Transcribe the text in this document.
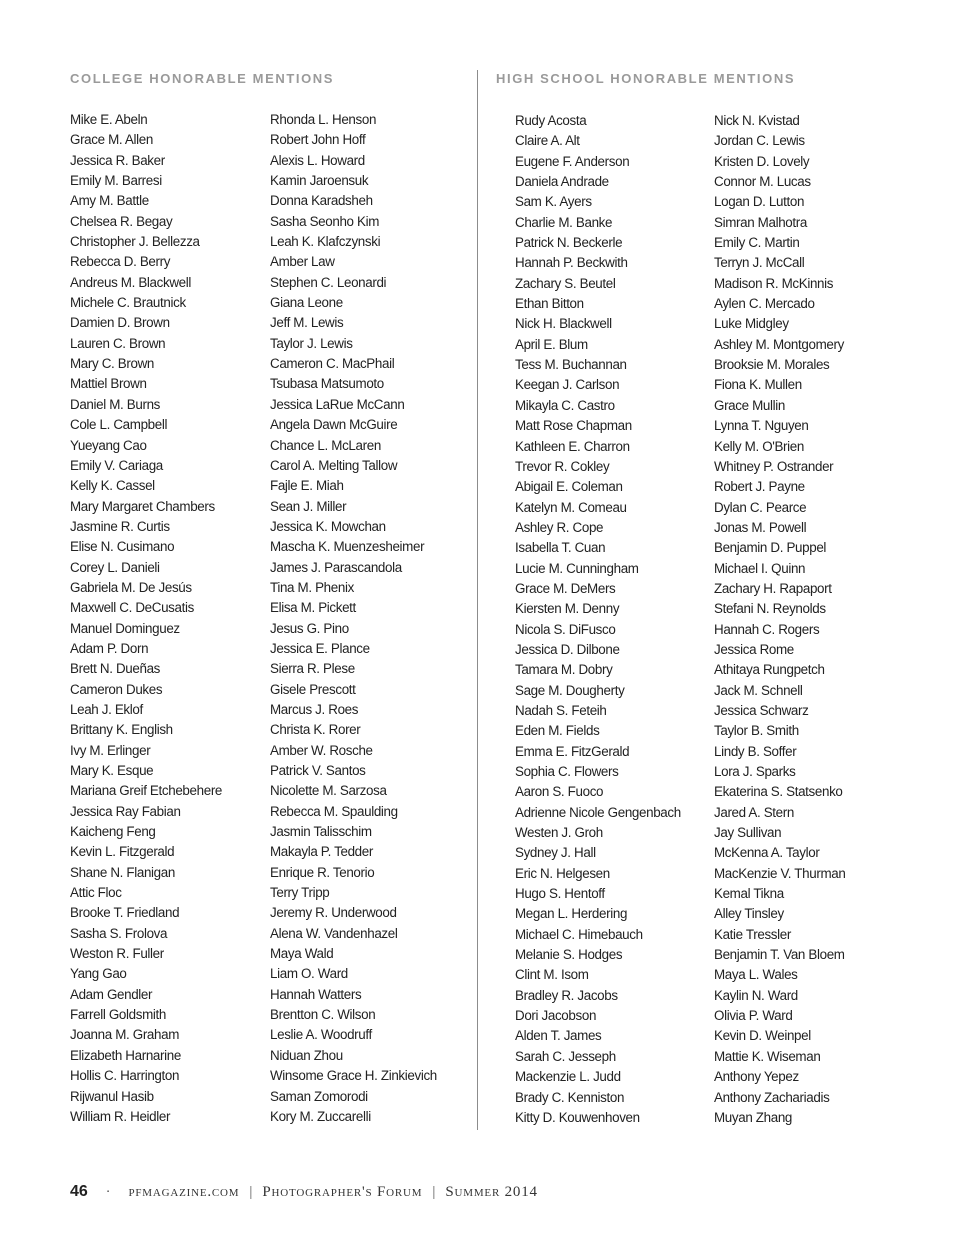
COLLEGE HONORABLE MENTIONS	HIGH SCHOOL HONORABLE MENTIONS
Mike E. Abeln
Grace M. Allen
Jessica R. Baker
Emily M. Barresi
Amy M. Battle
Chelsea R. Begay
Christopher J. Bellezza
Rebecca D. Berry
Andreus M. Blackwell
Michele C. Brautnick
Damien D. Brown
Lauren C. Brown
Mary C. Brown
Mattiel Brown
Daniel M. Burns
Cole L. Campbell
Yueyang Cao
Emily V. Cariaga
Kelly K. Cassel
Mary Margaret Chambers
Jasmine R. Curtis
Elise N. Cusimano
Corey L. Danieli
Gabriela M. De Jesús
Maxwell C. DeCusatis
Manuel Dominguez
Adam P. Dorn
Brett N. Dueñas
Cameron Dukes
Leah J. Eklof
Brittany K. English
Ivy M. Erlinger
Mary K. Esque
Mariana Greif Etchebehere
Jessica Ray Fabian
Kaicheng Feng
Kevin L. Fitzgerald
Shane N. Flanigan
Attic Floc
Brooke T. Friedland
Sasha S. Frolova
Weston R. Fuller
Yang Gao
Adam Gendler
Farrell Goldsmith
Joanna M. Graham
Elizabeth Harnarine
Hollis C. Harrington
Rijwanul Hasib
William R. Heidler
Rhonda L. Henson
Robert John Hoff
Alexis L. Howard
Kamin Jaroensuk
Donna Karadsheh
Sasha Seonho Kim
Leah K. Klafczynski
Amber Law
Stephen C. Leonardi
Giana Leone
Jeff M. Lewis
Taylor J. Lewis
Cameron C. MacPhail
Tsubasa Matsumoto
Jessica LaRue McCann
Angela Dawn McGuire
Chance L. McLaren
Carol A. Melting Tallow
Fajle E. Miah
Sean J. Miller
Jessica K. Mowchan
Mascha K. Muenzesheimer
James J. Parascandola
Tina M. Phenix
Elisa M. Pickett
Jesus G. Pino
Jessica E. Plance
Sierra R. Plese
Gisele Prescott
Marcus J. Roes
Christa K. Rorer
Amber W. Rosche
Patrick V. Santos
Nicolette M. Sarzosa
Rebecca M. Spaulding
Jasmin Talisschim
Makayla P. Tedder
Enrique R. Tenorio
Terry Tripp
Jeremy R. Underwood
Alena W. Vandenhazel
Maya Wald
Liam O. Ward
Hannah Watters
Brentton C. Wilson
Leslie A. Woodruff
Niduan Zhou
Winsome Grace H. Zinkievich
Saman Zomorodi
Kory M. Zuccarelli
Rudy Acosta
Claire A. Alt
Eugene F. Anderson
Daniela Andrade
Sam K. Ayers
Charlie M. Banke
Patrick N. Beckerle
Hannah P. Beckwith
Zachary S. Beutel
Ethan Bitton
Nick H. Blackwell
April E. Blum
Tess M. Buchannan
Keegan J. Carlson
Mikayla C. Castro
Matt Rose Chapman
Kathleen E. Charron
Trevor R. Cokley
Abigail E. Coleman
Katelyn M. Comeau
Ashley R. Cope
Isabella T. Cuan
Lucie M. Cunningham
Grace M. DeMers
Kiersten M. Denny
Nicola S. DiFusco
Jessica D. Dilbone
Tamara M. Dobry
Sage M. Dougherty
Nadah S. Feteih
Eden M. Fields
Emma E. FitzGerald
Sophia C. Flowers
Aaron S. Fuoco
Adrienne Nicole Gengenbach
Westen J. Groh
Sydney J. Hall
Eric N. Helgesen
Hugo S. Hentoff
Megan L. Herdering
Michael C. Himebauch
Melanie S. Hodges
Clint M. Isom
Bradley R. Jacobs
Dori Jacobson
Alden T. James
Sarah C. Jesseph
Mackenzie L. Judd
Brady C. Kenniston
Kitty D. Kouwenhoven
Nick N. Kvistad
Jordan C. Lewis
Kristen D. Lovely
Connor M. Lucas
Logan D. Lutton
Simran Malhotra
Emily C. Martin
Terryn J. McCall
Madison R. McKinnis
Aylen C. Mercado
Luke Midgley
Ashley M. Montgomery
Brooksie M. Morales
Fiona K. Mullen
Grace Mullin
Lynna T. Nguyen
Kelly M. O'Brien
Whitney P. Ostrander
Robert J. Payne
Dylan C. Pearce
Jonas M. Powell
Benjamin D. Puppel
Michael I. Quinn
Zachary H. Rapaport
Stefani N. Reynolds
Hannah C. Rogers
Jessica Rome
Athitaya Rungpetch
Jack M. Schnell
Jessica Schwarz
Taylor B. Smith
Lindy B. Soffer
Lora J. Sparks
Ekaterina S. Statsenko
Jared A. Stern
Jay Sullivan
McKenna A. Taylor
MacKenzie V. Thurman
Kemal Tikna
Alley Tinsley
Katie Tressler
Benjamin T. Van Bloem
Maya L. Wales
Kaylin N. Ward
Olivia P. Ward
Kevin D. Weinpel
Mattie K. Wiseman
Anthony Yepez
Anthony Zachariadis
Muyan Zhang
46 · pfmagazine.com | Photographer's Forum | Summer 2014
